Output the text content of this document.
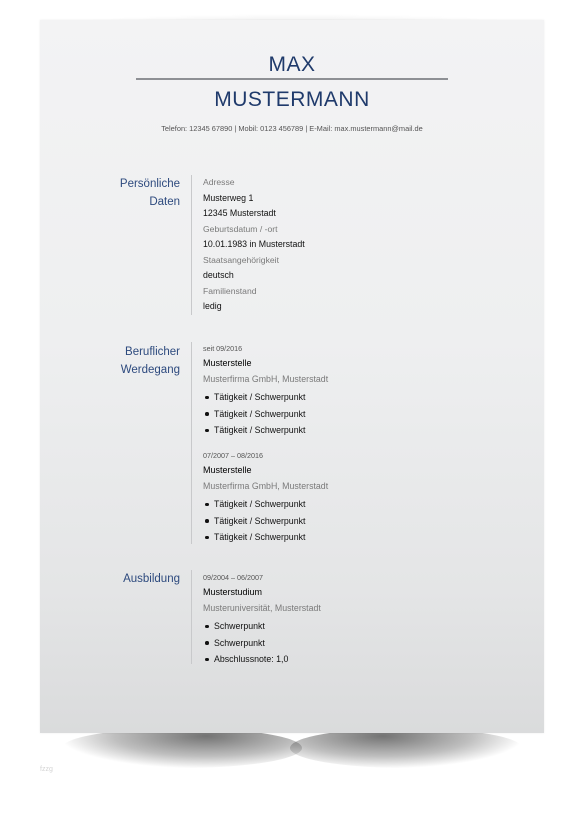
MAX
MUSTERMANN
Telefon: 12345 67890 | Mobil: 0123 456789 | E-Mail: max.mustermann@mail.de
Persönliche
Daten
Adresse
Musterweg 1
12345 Musterstadt
Geburtsdatum / -ort
10.01.1983 in Musterstadt
Staatsangehörigkeit
deutsch
Familienstand
ledig
Beruflicher
Werdegang
seit 09/2016
Musterstelle
Musterfirma GmbH, Musterstadt
Tätigkeit / Schwerpunkt
Tätigkeit / Schwerpunkt
Tätigkeit / Schwerpunkt
07/2007 – 08/2016
Musterstelle
Musterfirma GmbH, Musterstadt
Tätigkeit / Schwerpunkt
Tätigkeit / Schwerpunkt
Tätigkeit / Schwerpunkt
Ausbildung	09/2004 – 06/2007
Musterstudium
Musteruniversität, Musterstadt
Schwerpunkt
Schwerpunkt
Abschlussnote: 1,0
fzzg
